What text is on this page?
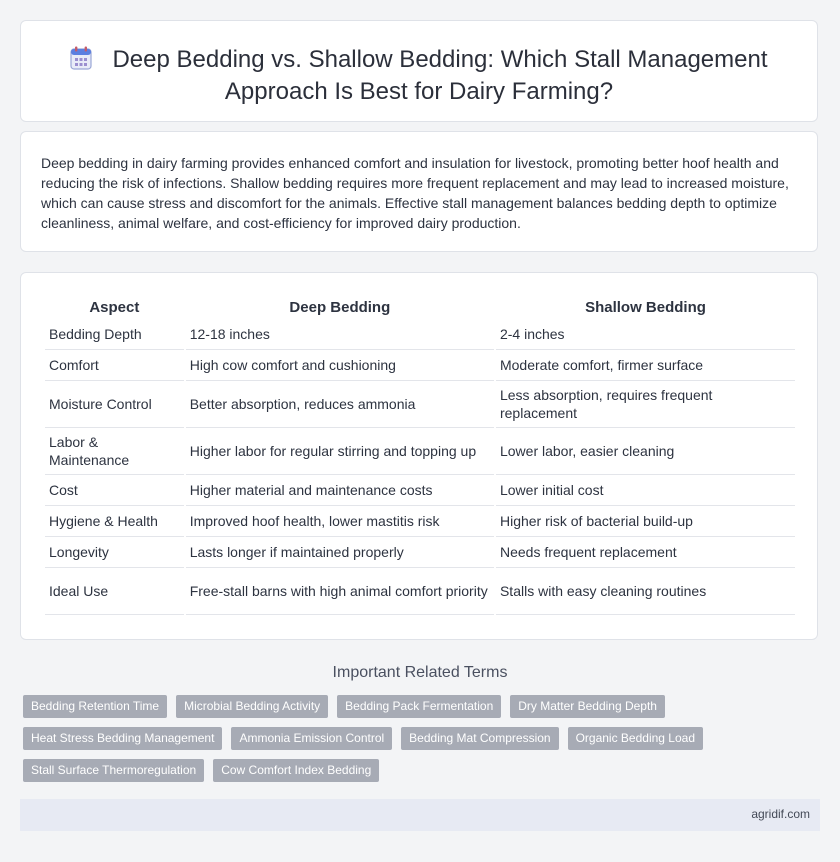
Deep Bedding vs. Shallow Bedding: Which Stall Management
Approach Is Best for Dairy Farming?
Deep bedding in dairy farming provides enhanced comfort and insulation for livestock, promoting better hoof health and reducing the risk of infections. Shallow bedding requires more frequent replacement and may lead to increased moisture, which can cause stress and discomfort for the animals. Effective stall management balances bedding depth to optimize cleanliness, animal welfare, and cost-efficiency for improved dairy production.
Aspect	Deep Bedding	Shallow Bedding
Bedding Depth	12-18 inches	2-4 inches
Comfort	High cow comfort and cushioning	Moderate comfort, firmer surface
Moisture Control	Better absorption, reduces ammonia	Less absorption, requires frequent replacement
Labor & Maintenance	Higher labor for regular stirring and topping up	Lower labor, easier cleaning
Cost	Higher material and maintenance costs	Lower initial cost
Hygiene & Health	Improved hoof health, lower mastitis risk	Higher risk of bacterial build-up
Longevity	Lasts longer if maintained properly	Needs frequent replacement
Ideal Use	Free-stall barns with high animal comfort priority	Stalls with easy cleaning routines
Important Related Terms
Bedding Retention Time	Microbial Bedding Activity	Bedding Pack Fermentation	Dry Matter Bedding Depth
Heat Stress Bedding Management	Ammonia Emission Control	Bedding Mat Compression	Organic Bedding Load
Stall Surface Thermoregulation	Cow Comfort Index Bedding
agridif.com
